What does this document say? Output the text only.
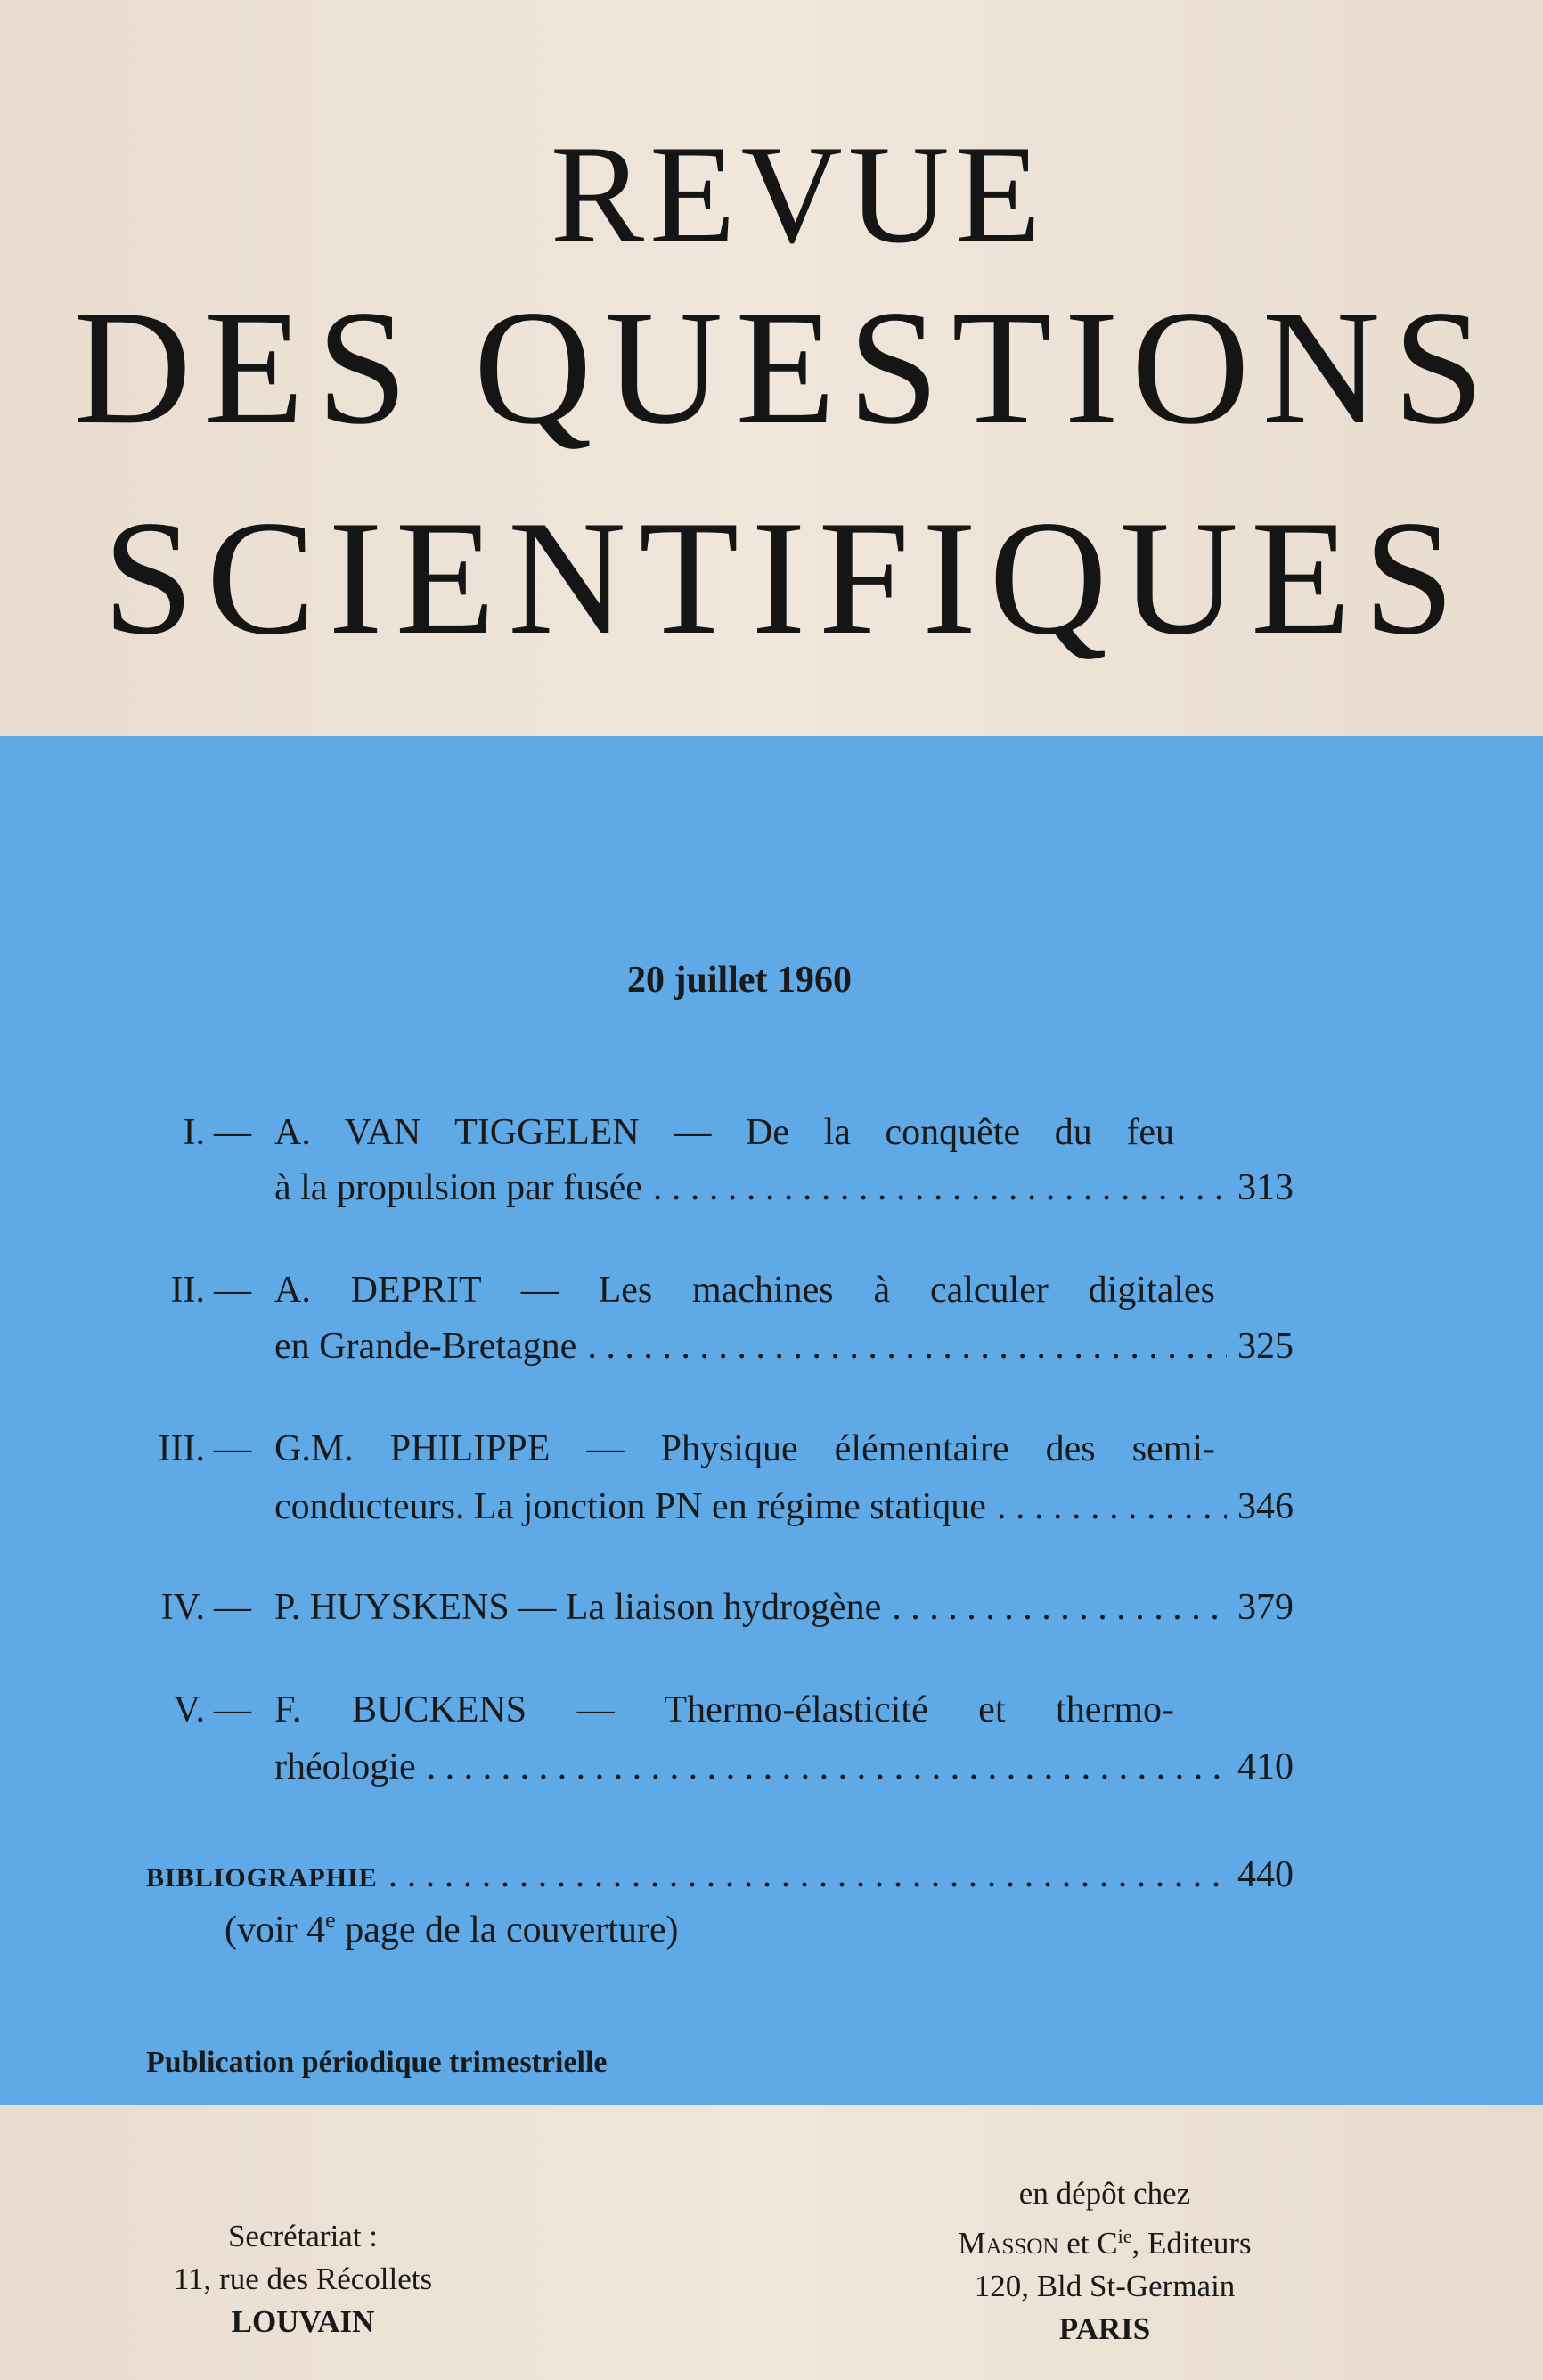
REVUE
DES QUESTIONS
SCIENTIFIQUES
20 juillet 1960
I. — A. VAN TIGGELEN — De la conquête du feu
à la propulsion par fusée . . .	313
II. — A. DEPRIT — Les machines à calculer digitales
en Grande-Bretagne . . .	325
III. — G.M. PHILIPPE — Physique élémentaire des semi-
conducteurs. La jonction PN en régime statique . . .	346
IV. — P. HUYSKENS — La liaison hydrogène . . .	379
V. — F. BUCKENS — Thermo-élasticité et thermo-
rhéologie . . .	410
BIBLIOGRAPHIE . . .	440
(voir 4e page de la couverture)
Publication périodique trimestrielle
Secrétariat :
11, rue des Récollets
LOUVAIN
en dépôt chez
Masson et $C^{ie}$, Editeurs
120, Bld St-Germain
PARIS
